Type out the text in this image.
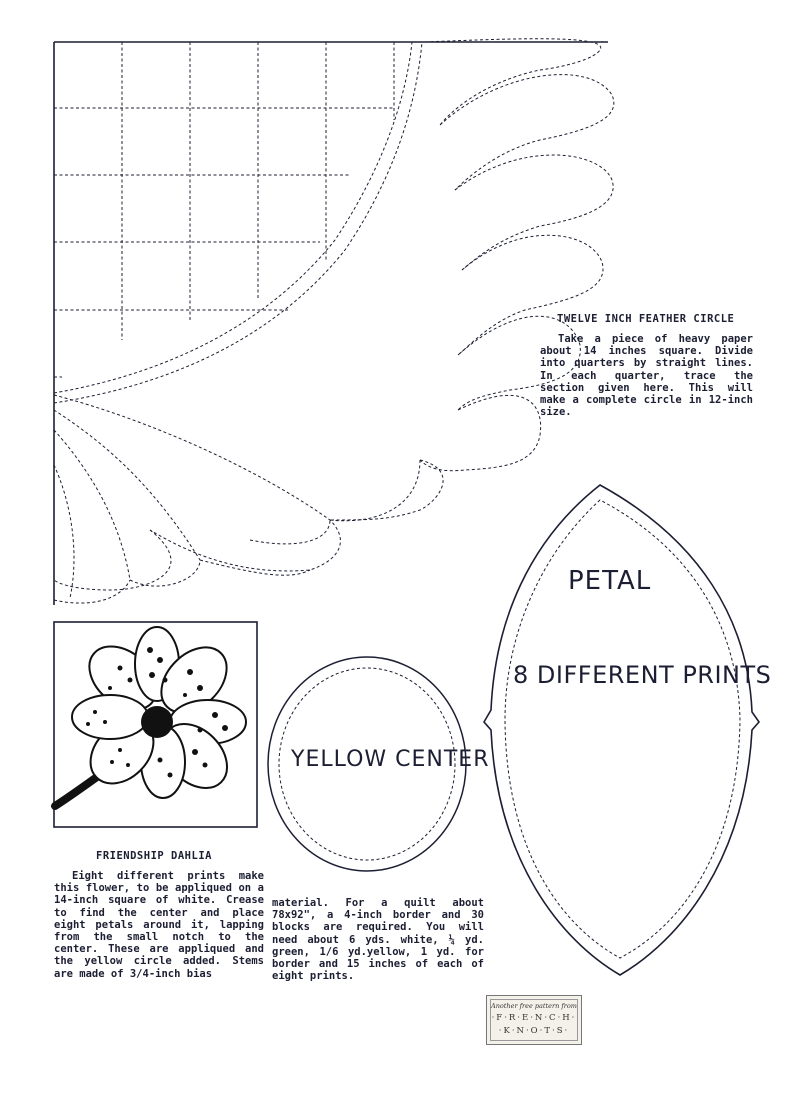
TWELVE INCH FEATHER CIRCLE
Take a piece of heavy paper about 14 inches square. Divide into quarters by straight lines. In each quarter, trace the section given here. This will make a complete circle in 12-inch size.
FRIENDSHIP DAHLIA
Eight different prints make this flower, to be appliqued on a 14-inch square of white. Crease to find the center and place eight petals around it, lapping from the small notch to the center. These are appliqued and the yellow circle added. Stems are made of 3/4-inch bias
material. For a quilt about 78x92", a 4-inch border and 30 blocks are required. You will need about 6 yds. white, ¼ yd. green, 1/6 yd.yellow, 1 yd. for border and 15 inches of each of eight prints.
YELLOW CENTER
PETAL
8 DIFFERENT PRINTS
Another free pattern from
·F·R·E·N·C·H·
·K·N·O·T·S·
